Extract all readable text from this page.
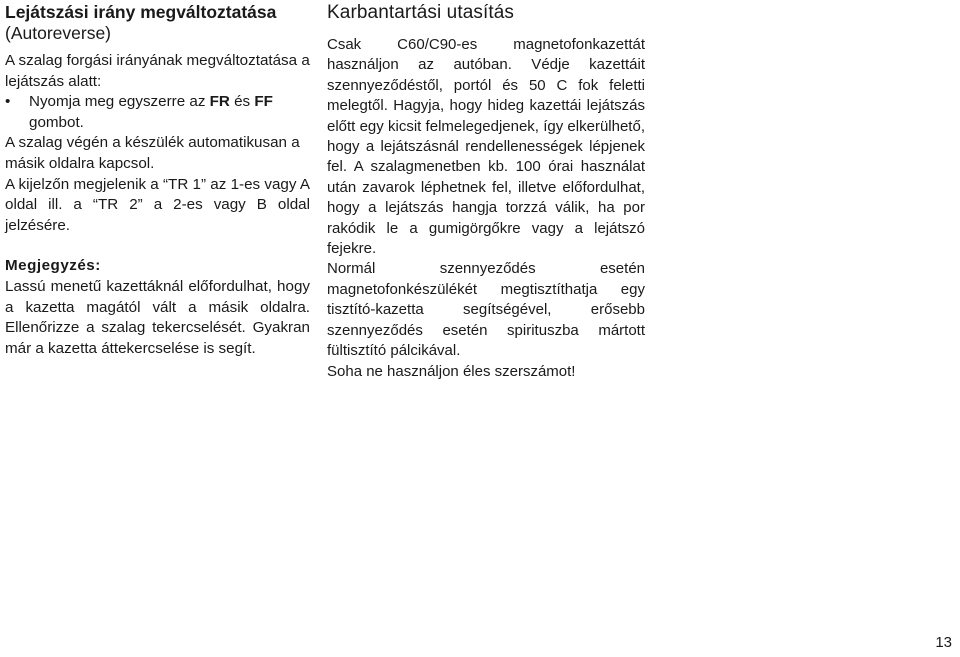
Lejátszási irány megváltoztatása
(Autoreverse)

A szalag forgási irányának megváltoztatása a lejátszás alatt:

•	Nyomja meg egyszerre az FR és FF gombot.

A szalag végén a készülék automatikusan a másik oldalra kapcsol.

A kijelzőn megjelenik a “TR 1” az 1-es vagy A oldal ill. a “TR 2” a 2-es vagy B oldal jelzésére.

Megjegyzés:

Lassú menetű kazettáknál előfordulhat, hogy a kazetta magától vált a másik oldalra. Ellenőrizze a szalag tekercselését. Gyakran már a kazetta áttekercselése is segít.

Karbantartási utasítás

Csak C60/C90-es magnetofonkazettát használjon az autóban. Védje kazettáit szennyeződéstől, portól és 50 C fok feletti melegtől. Hagyja, hogy hideg kazettái lejátszás előtt egy kicsit felmelegedjenek, így elkerülhető, hogy a lejátszásnál rendellenességek lépjenek fel. A szalagmenetben kb. 100 órai használat után zavarok léphetnek fel, illetve előfordulhat, hogy a lejátszás hangja torzzá válik, ha por rakódik le a gumigörgőkre vagy a lejátszó fejekre.

Normál szennyeződés esetén magnetofonkészülékét megtisztíthatja egy tisztító-kazetta segítségével, erősebb szennyeződés esetén spirituszba mártott fültisztító pálcikával.

Soha ne használjon éles szerszámot!

13
